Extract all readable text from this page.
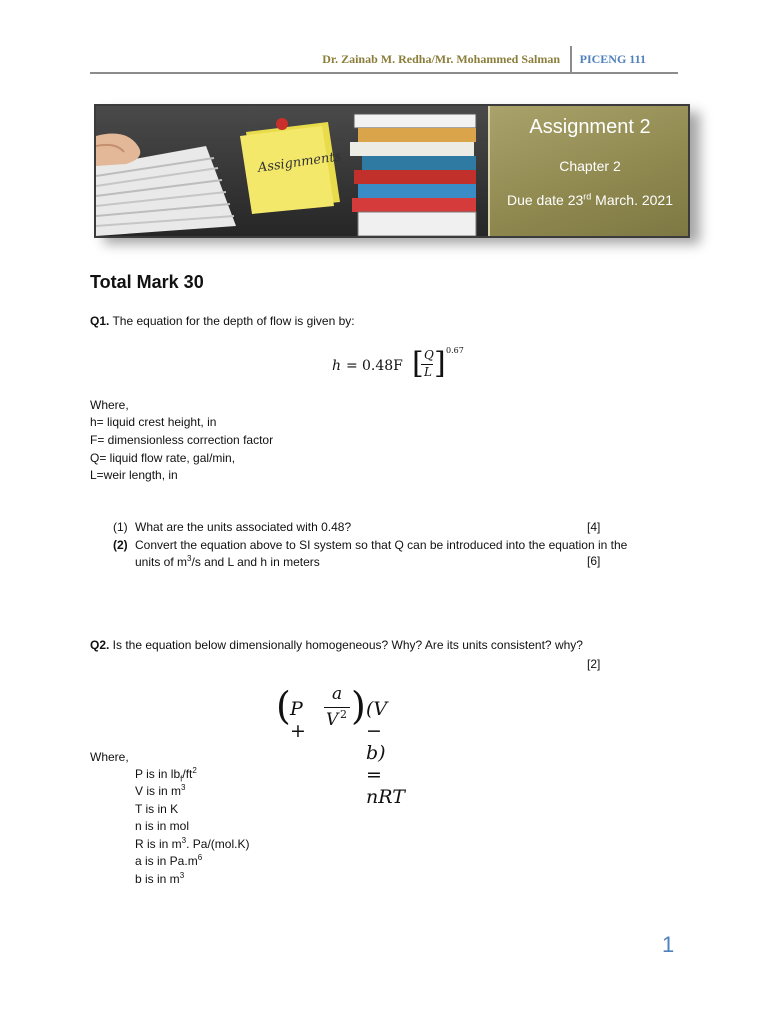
Dr. Zainab M. Redha/Mr. Mohammed Salman PICENG 111
Assignments
Assignment 2
Chapter 2
Due date 23rd March. 2021
Total Mark 30
Q1. The equation for the depth of flow is given by:
h = 0.48F [ Q
L ] 0.67
Where,
h= liquid crest height, in
F= dimensionless correction factor
Q= liquid flow rate, gal/min,
L=weir length, in
(1) What are the units associated with 0.48?	[4]
(2) Convert the equation above to SI system so that Q can be introduced into the equation in the
units of $m^3/s$ and L and h in meters	[6]
Q2. Is the equation below dimensionally homogeneous? Why? Are its units consistent? why?
[2]
( P +
a
V 2 ) (V − b) = nRT
Where,
P is in $lb_f/ft^2$
V is in $m^3$
T is in K
n is in mol
R is in $m^3$. Pa/(mol.K)
a is in $Pa.m^6$
b is in $m^3$
1
